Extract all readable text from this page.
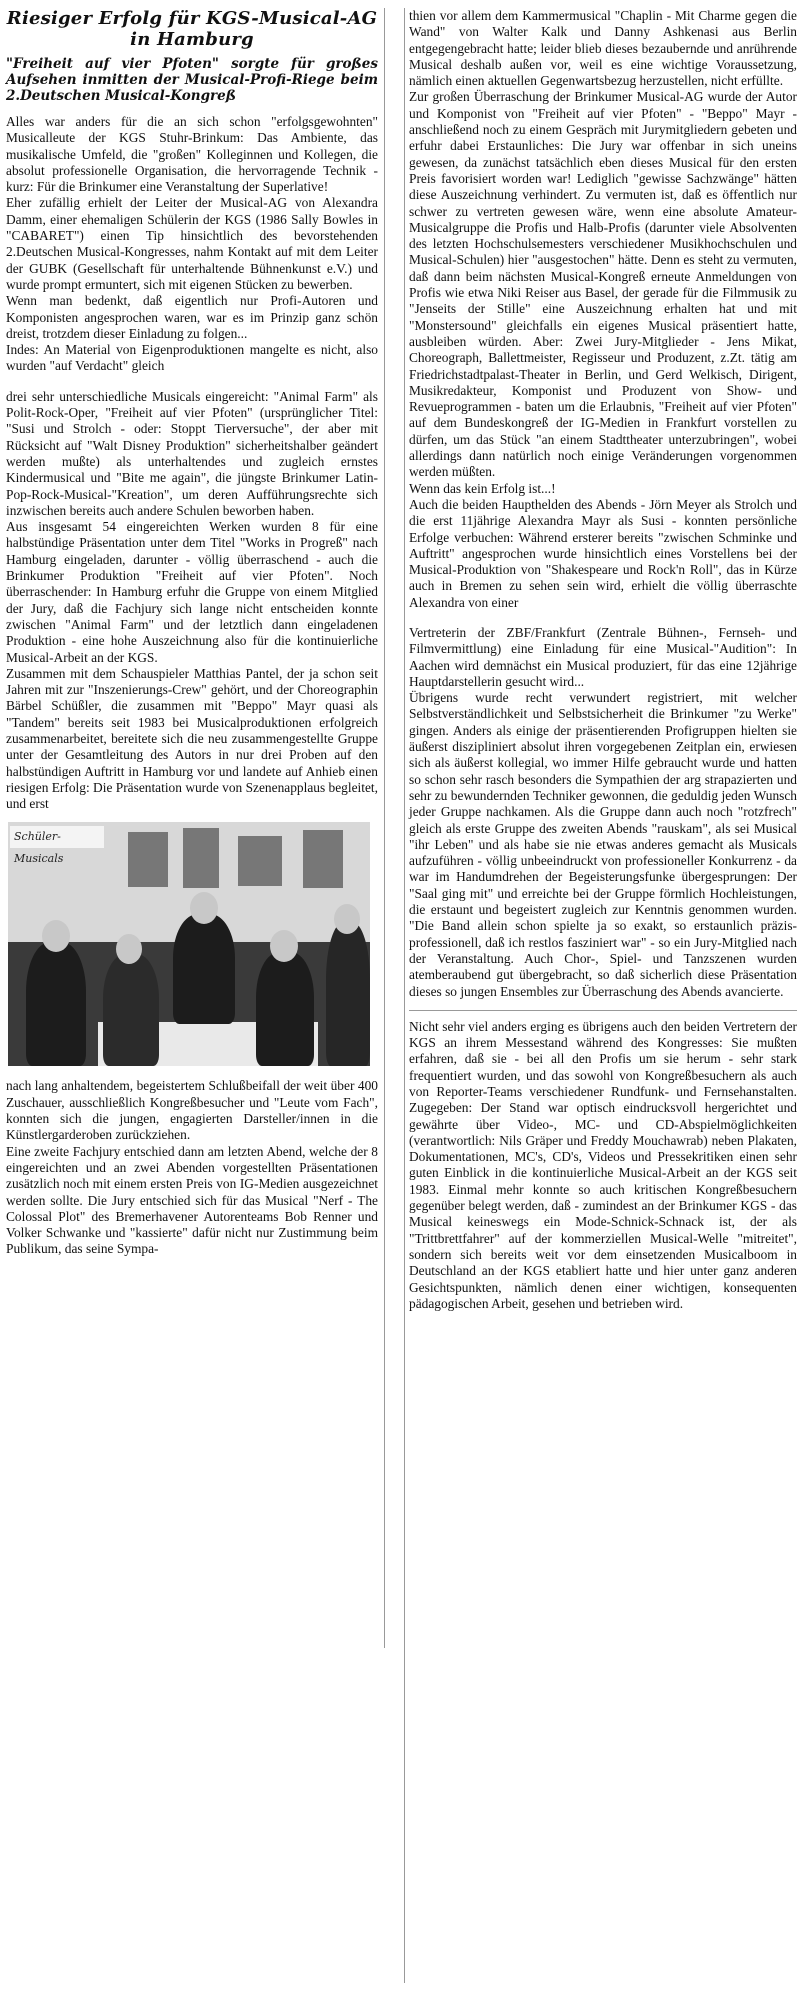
Riesiger Erfolg für KGS-Musical-AG in Hamburg
"Freiheit auf vier Pfoten" sorgte für großes Aufsehen inmitten der Musical-Profi-Riege beim 2.Deutschen Musical-Kongreß

Alles war anders für die an sich schon "erfolgsgewohnten" Musicalleute der KGS Stuhr-Brinkum: Das Ambiente, das musikalische Umfeld, die "großen" Kolleginnen und Kollegen, die absolut professionelle Organisation, die hervorragende Technik - kurz: Für die Brinkumer eine Veranstaltung der Superlative!

Eher zufällig erhielt der Leiter der Musical-AG von Alexandra Damm, einer ehemaligen Schülerin der KGS (1986 Sally Bowles in "CABARET") einen Tip hinsichtlich des bevorstehenden 2.Deutschen Musical-Kongresses, nahm Kontakt auf mit dem Leiter der GUBK (Gesellschaft für unterhaltende Bühnenkunst e.V.) und wurde prompt ermuntert, sich mit eigenen Stücken zu bewerben.

Wenn man bedenkt, daß eigentlich nur Profi-Autoren und Komponisten angesprochen waren, war es im Prinzip ganz schön dreist, trotzdem dieser Einladung zu folgen...

Indes: An Material von Eigenproduktionen mangelte es nicht, also wurden "auf Verdacht" gleich

drei sehr unterschiedliche Musicals eingereicht: "Animal Farm" als Polit-Rock-Oper, "Freiheit auf vier Pfoten" (ursprünglicher Titel: "Susi und Strolch - oder: Stoppt Tierversuche", der aber mit Rücksicht auf "Walt Disney Produktion" sicherheitshalber geändert werden mußte) als unterhaltendes und zugleich ernstes Kindermusical und "Bite me again", die jüngste Brinkumer Latin-Pop-Rock-Musical-"Kreation", um deren Aufführungsrechte sich inzwischen bereits auch andere Schulen beworben haben.

Aus insgesamt 54 eingereichten Werken wurden 8 für eine halbstündige Präsentation unter dem Titel "Works in Progreß" nach Hamburg eingeladen, darunter - völlig überraschend - auch die Brinkumer Produktion "Freiheit auf vier Pfoten". Noch überraschender: In Hamburg erfuhr die Gruppe von einem Mitglied der Jury, daß die Fachjury sich lange nicht entscheiden konnte zwischen "Animal Farm" und der letztlich dann eingeladenen Produktion - eine hohe Auszeichnung also für die kontinuierliche Musical-Arbeit an der KGS.

Zusammen mit dem Schauspieler Matthias Pantel, der ja schon seit Jahren mit zur "Inszenierungs-Crew" gehört, und der Choreographin Bärbel Schüßler, die zusammen mit "Beppo" Mayr quasi als "Tandem" bereits seit 1983 bei Musicalproduktionen erfolgreich zusammenarbeitet, bereitete sich die neu zusammengestellte Gruppe unter der Gesamtleitung des Autors in nur drei Proben auf den halbstündigen Auftritt in Hamburg vor und landete auf Anhieb einen riesigen Erfolg: Die Präsentation wurde von Szenenapplaus begleitet, und erst

Schüler-Musicals

nach lang anhaltendem, begeistertem Schlußbeifall der weit über 400 Zuschauer, ausschließlich Kongreßbesucher und "Leute vom Fach", konnten sich die jungen, engagierten Darsteller/innen in die Künstlergarderoben zurückziehen.

Eine zweite Fachjury entschied dann am letzten Abend, welche der 8 eingereichten und an zwei Abenden vorgestellten Präsentationen zusätzlich noch mit einem ersten Preis von IG-Medien ausgezeichnet werden sollte. Die Jury entschied sich für das Musical "Nerf - The Colossal Plot" des Bremerhavener Autorenteams Bob Renner und Volker Schwanke und "kassierte" dafür nicht nur Zustimmung beim Publikum, das seine Sympa-

thien vor allem dem Kammermusical "Chaplin - Mit Charme gegen die Wand" von Walter Kalk und Danny Ashkenasi aus Berlin entgegengebracht hatte; leider blieb dieses bezaubernde und anrührende Musical deshalb außen vor, weil es eine wichtige Voraussetzung, nämlich einen aktuellen Gegenwartsbezug herzustellen, nicht erfüllte.

Zur großen Überraschung der Brinkumer Musical-AG wurde der Autor und Komponist von "Freiheit auf vier Pfoten" - "Beppo" Mayr - anschließend noch zu einem Gespräch mit Jurymitgliedern gebeten und erfuhr dabei Erstaunliches: Die Jury war offenbar in sich uneins gewesen, da zunächst tatsächlich eben dieses Musical für den ersten Preis favorisiert worden war! Lediglich "gewisse Sachzwänge" hätten diese Auszeichnung verhindert. Zu vermuten ist, daß es öffentlich nur schwer zu vertreten gewesen wäre, wenn eine absolute Amateur-Musicalgruppe die Profis und Halb-Profis (darunter viele Absolventen des letzten Hochschulsemesters verschiedener Musikhochschulen und Musical-Schulen) hier "ausgestochen" hätte. Denn es steht zu vermuten, daß dann beim nächsten Musical-Kongreß erneute Anmeldungen von Profis wie etwa Niki Reiser aus Basel, der gerade für die Filmmusik zu "Jenseits der Stille" eine Auszeichnung erhalten hat und mit "Monstersound" gleichfalls ein eigenes Musical präsentiert hatte, ausbleiben würden. Aber: Zwei Jury-Mitglieder - Jens Mikat, Choreograph, Ballettmeister, Regisseur und Produzent, z.Zt. tätig am Friedrichstadtpalast-Theater in Berlin, und Gerd Welkisch, Dirigent, Musikredakteur, Komponist und Produzent von Show- und Revueprogrammen - baten um die Erlaubnis, "Freiheit auf vier Pfoten" auf dem Bundeskongreß der IG-Medien in Frankfurt vorstellen zu dürfen, um das Stück "an einem Stadttheater unterzubringen", wobei allerdings dann natürlich noch einige Veränderungen vorgenommen werden müßten.

Wenn das kein Erfolg ist...!

Auch die beiden Haupthelden des Abends - Jörn Meyer als Strolch und die erst 11jährige Alexandra Mayr als Susi - konnten persönliche Erfolge verbuchen: Während ersterer bereits "zwischen Schminke und Auftritt" angesprochen wurde hinsichtlich eines Vorstellens bei der Musical-Produktion von "Shakespeare und Rock'n Roll", das in Kürze auch in Bremen zu sehen sein wird, erhielt die völlig überraschte Alexandra von einer

Vertreterin der ZBF/Frankfurt (Zentrale Bühnen-, Fernseh- und Filmvermittlung) eine Einladung für eine Musical-"Audition": In Aachen wird demnächst ein Musical produziert, für das eine 12jährige Hauptdarstellerin gesucht wird...

Übrigens wurde recht verwundert registriert, mit welcher Selbstverständlichkeit und Selbstsicherheit die Brinkumer "zu Werke" gingen. Anders als einige der präsentierenden Profigruppen hielten sie äußerst diszipliniert absolut ihren vorgegebenen Zeitplan ein, erwiesen sich als äußerst kollegial, wo immer Hilfe gebraucht wurde und hatten so schon sehr rasch besonders die Sympathien der arg strapazierten und sehr zu bewundernden Techniker gewonnen, die geduldig jeden Wunsch jeder Gruppe nachkamen. Als die Gruppe dann auch noch "rotzfrech" gleich als erste Gruppe des zweiten Abends "rauskam", als sei Musical "ihr Leben" und als habe sie nie etwas anderes gemacht als Musicals aufzuführen - völlig unbeeindruckt von professioneller Konkurrenz - da war im Handumdrehen der Begeisterungsfunke übergesprungen: Der "Saal ging mit" und erreichte bei der Gruppe förmlich Hochleistungen, die erstaunt und begeistert zugleich zur Kenntnis genommen wurden. "Die Band allein schon spielte ja so exakt, so erstaunlich präzis-professionell, daß ich restlos fasziniert war" - so ein Jury-Mitglied nach der Veranstaltung. Auch Chor-, Spiel- und Tanzszenen wurden atemberaubend gut übergebracht, so daß sicherlich diese Präsentation dieses so jungen Ensembles zur Überraschung des Abends avancierte.

Nicht sehr viel anders erging es übrigens auch den beiden Vertretern der KGS an ihrem Messestand während des Kongresses: Sie mußten erfahren, daß sie - bei all den Profis um sie herum - sehr stark frequentiert wurden, und das sowohl von Kongreßbesuchern als auch von Reporter-Teams verschiedener Rundfunk- und Fernsehanstalten. Zugegeben: Der Stand war optisch eindrucksvoll hergerichtet und gewährte über Video-, MC- und CD-Abspielmöglichkeiten (verantwortlich: Nils Gräper und Freddy Mouchawrab) neben Plakaten, Dokumentationen, MC's, CD's, Videos und Pressekritiken einen sehr guten Einblick in die kontinuierliche Musical-Arbeit an der KGS seit 1983. Einmal mehr konnte so auch kritischen Kongreßbesuchern gegenüber belegt werden, daß - zumindest an der Brinkumer KGS - das Musical keineswegs ein Mode-Schnick-Schnack ist, der als "Trittbrettfahrer" auf der kommerziellen Musical-Welle "mitreitet", sondern sich bereits weit vor dem einsetzenden Musicalboom in Deutschland an der KGS etabliert hatte und hier unter ganz anderen Gesichtspunkten, nämlich denen einer wichtigen, konsequenten pädagogischen Arbeit, gesehen und betrieben wird.
